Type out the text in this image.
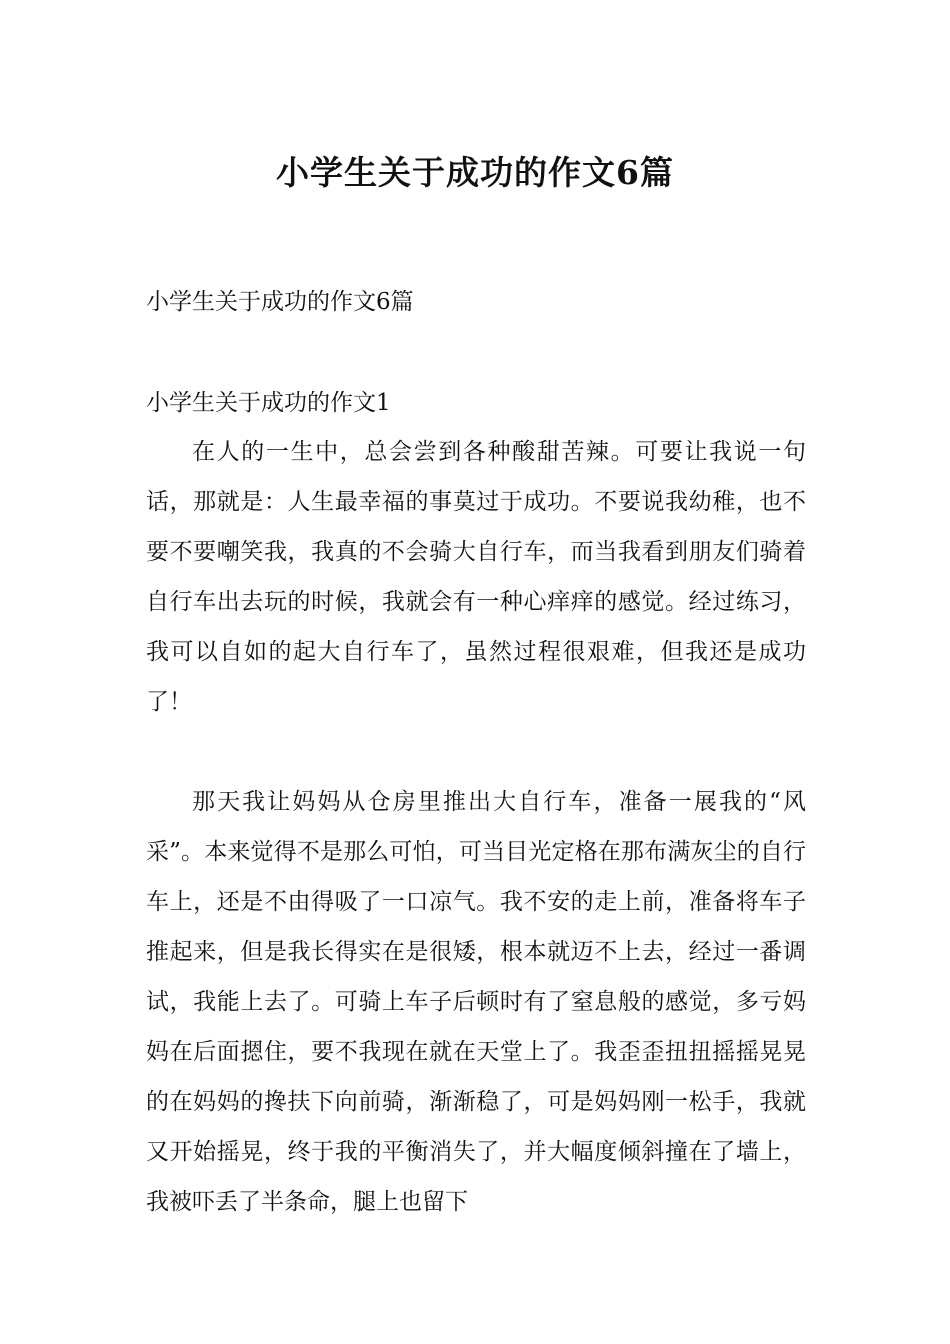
小学生关于成功的作文6篇

小学生关于成功的作文6篇

小学生关于成功的作文1

在人的一生中，总会尝到各种酸甜苦辣。可要让我说一句话，那就是：人生最幸福的事莫过于成功。不要说我幼稚，也不要不要嘲笑我，我真的不会骑大自行车，而当我看到朋友们骑着自行车出去玩的时候，我就会有一种心痒痒的感觉。经过练习，我可以自如的起大自行车了，虽然过程很艰难，但我还是成功了！

那天我让妈妈从仓房里推出大自行车，准备一展我的“风采”。本来觉得不是那么可怕，可当目光定格在那布满灰尘的自行车上，还是不由得吸了一口凉气。我不安的走上前，准备将车子推起来，但是我长得实在是很矮，根本就迈不上去，经过一番调试，我能上去了。可骑上车子后顿时有了窒息般的感觉，多亏妈妈在后面摁住，要不我现在就在天堂上了。我歪歪扭扭摇摇晃晃的在妈妈的搀扶下向前骑，渐渐稳了，可是妈妈刚一松手，我就又开始摇晃，终于我的平衡消失了，并大幅度倾斜撞在了墙上，我被吓丢了半条命，腿上也留下
